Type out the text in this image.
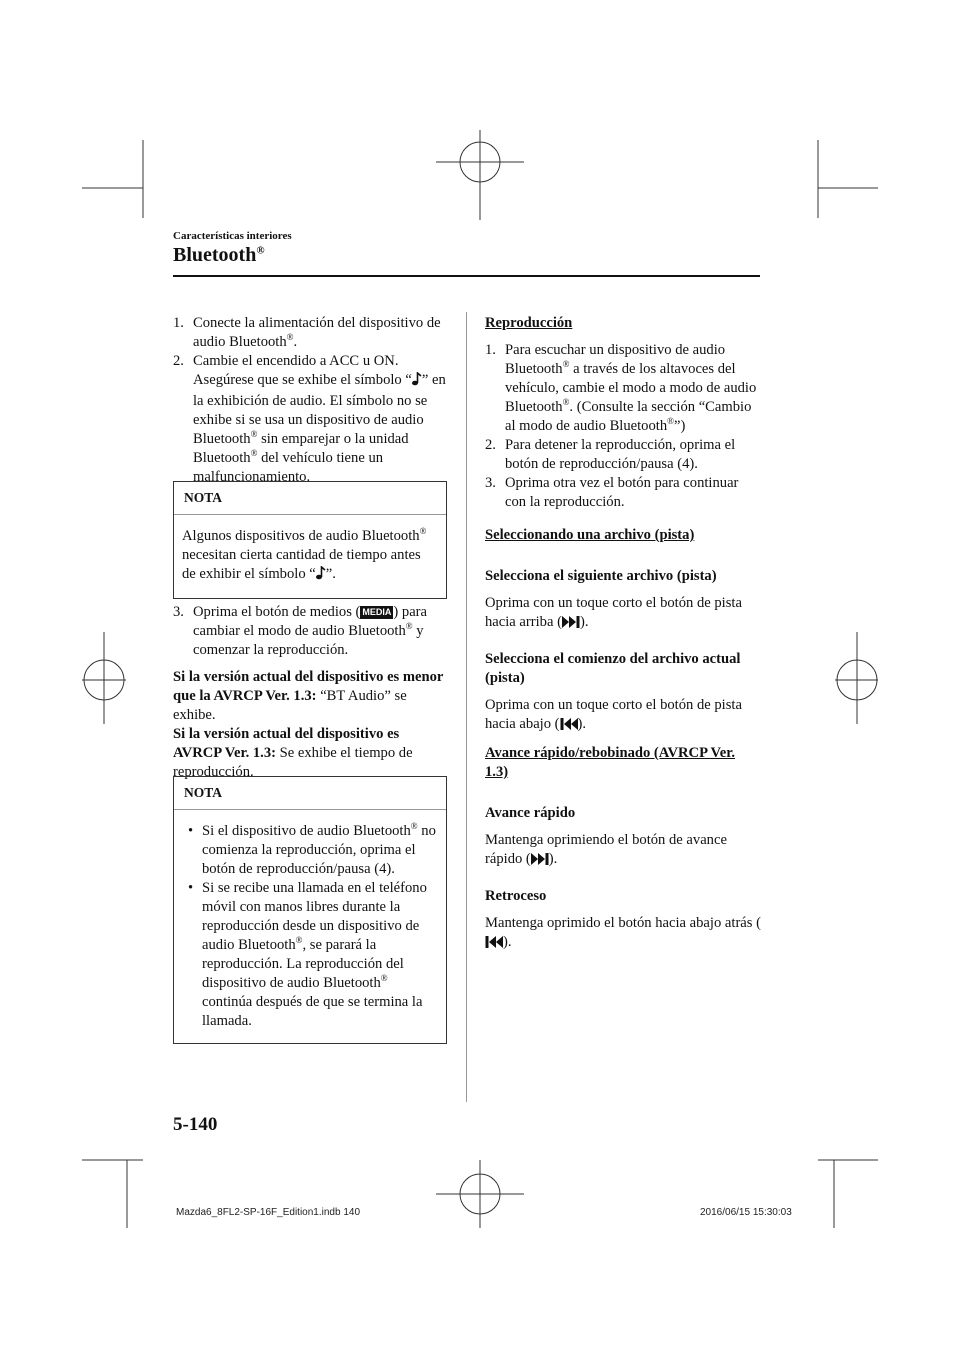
Características interiores
Bluetooth®
1. Conecte la alimentación del dispositivo de audio Bluetooth®.
2. Cambie el encendido a ACC u ON. Asegúrese que se exhibe el símbolo “ ” en la exhibición de audio. El símbolo no se exhibe si se usa un dispositivo de audio Bluetooth® sin emparejar o la unidad Bluetooth® del vehículo tiene un malfuncionamiento.
NOTA
Algunos dispositivos de audio Bluetooth® necesitan cierta cantidad de tiempo antes de exhibir el símbolo “ ”.
3. Oprima el botón de medios ( MEDIA ) para cambiar el modo de audio Bluetooth® y comenzar la reproducción.

Si la versión actual del dispositivo es menor que la AVRCP Ver. 1.3: “BT Audio” se exhibe.

Si la versión actual del dispositivo es AVRCP Ver. 1.3: Se exhibe el tiempo de reproducción.

NOTA
• Si el dispositivo de audio Bluetooth® no comienza la reproducción, oprima el botón de reproducción/pausa (4).
• Si se recibe una llamada en el teléfono móvil con manos libres durante la reproducción desde un dispositivo de audio Bluetooth®, se parará la reproducción. La reproducción del dispositivo de audio Bluetooth® continúa después de que se termina la llamada.

Reproducción

1. Para escuchar un dispositivo de audio Bluetooth® a través de los altavoces del vehículo, cambie el modo a modo de audio Bluetooth®. (Consulte la sección “Cambio al modo de audio Bluetooth®”)
2. Para detener la reproducción, oprima el botón de reproducción/pausa (4).
3. Oprima otra vez el botón para continuar con la reproducción.

Seleccionando una archivo (pista)

Selecciona el siguiente archivo (pista)

Oprima con un toque corto el botón de pista hacia arriba ( ).

Selecciona el comienzo del archivo actual (pista)

Oprima con un toque corto el botón de pista hacia abajo ( ).

Avance rápido/rebobinado (AVRCP Ver. 1.3)

Avance rápido

Mantenga oprimiendo el botón de avance rápido ( ).

Retroceso

Mantenga oprimido el botón hacia abajo atrás ().

5-140
Mazda6_8FL2-SP-16F_Edition1.indb 140	2016/06/15 15:30:03
